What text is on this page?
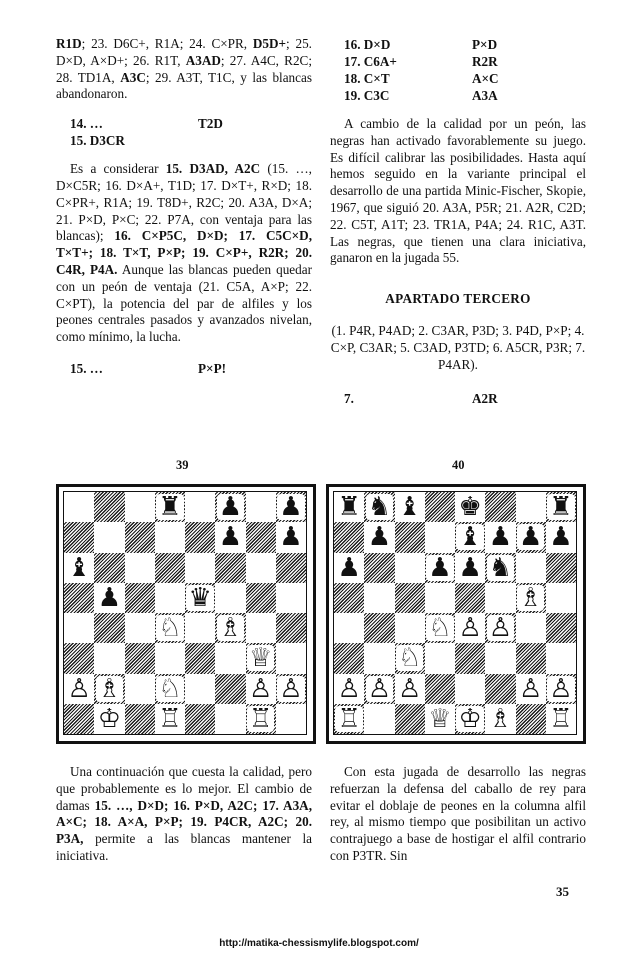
R1D; 23. D6C+, R1A; 24. C×PR, D5D+; 25. D×D, A×D+; 26. R1T, A3AD; 27. A4C, R2C; 28. TD1A, A3C; 29. A3T, T1C, y las blancas abandonaron.

14. …	T2D
15. D3CR

Es a considerar 15. D3AD, A2C (15. …, D×C5R; 16. D×A+, T1D; 17. D×T+, R×D; 18. C×PR+, R1A; 19. T8D+, R2C; 20. A3A, D×A; 21. P×D, P×C; 22. P7A, con ventaja para las blancas); 16. C×P5C, D×D; 17. C5C×D, T×T+; 18. T×T, P×P; 19. C×P+, R2R; 20. C4R, P4A. Aunque las blancas pueden quedar con un peón de ventaja (21. C5A, A×P; 22. C×PT), la potencia del par de alfiles y los peones centrales pasados y avanzados nivelan, como mínimo, la lucha.

15. …	P×P!
16. D×D	P×D
17. C6A+	R2R
18. C×T	A×C
19. C3C	A3A

A cambio de la calidad por un peón, las negras han activado favorablemente su juego. Es difícil calibrar las posibilidades. Hasta aquí hemos seguido en la variante principal el desarrollo de una partida Minic-Fischer, Skopie, 1967, que siguió 20. A3A, P5R; 21. A2R, C2D; 22. C5T, A1T; 23. TR1A, P4A; 24. R1C, A3T. Las negras, que tienen una clara iniciativa, ganaron en la jugada 55.

APARTADO TERCERO

(1. P4R, P4AD; 2. C3AR, P3D; 3. P4D, P×P; 4. C×P, C3AR; 5. C3AD, P3TD; 6. A5CR, P3R; 7. P4AR).

7.	A2R
39	40
♜ ♟ ♟
♟ ♟
♝
♟	♛
♘ ♗
♕
♙ ♗ ♘	♙ ♙
♔ ♖	♖
♜ ♞ ♝ ♚	♜
♟	♝ ♟ ♟ ♟
♟	♟ ♟ ♞
♗
♘ ♙ ♙
♘
♙ ♙ ♙	♙ ♙
♖	♕ ♔ ♗ ♖

Una continuación que cuesta la calidad, pero que probablemente es lo mejor. El cambio de damas 15. …, D×D; 16. P×D, A2C; 17. A3A, A×C; 18. A×A, P×P; 19. P4CR, A2C; 20. P3A, permite a las blancas mantener la iniciativa.

Con esta jugada de desarrollo las negras refuerzan la defensa del caballo de rey para evitar el doblaje de peones en la columna alfil rey, al mismo tiempo que posibilitan un activo contrajuego a base de hostigar el alfil contrario con P3TR. Sin

35
http://matika-chessismylife.blogspot.com/
